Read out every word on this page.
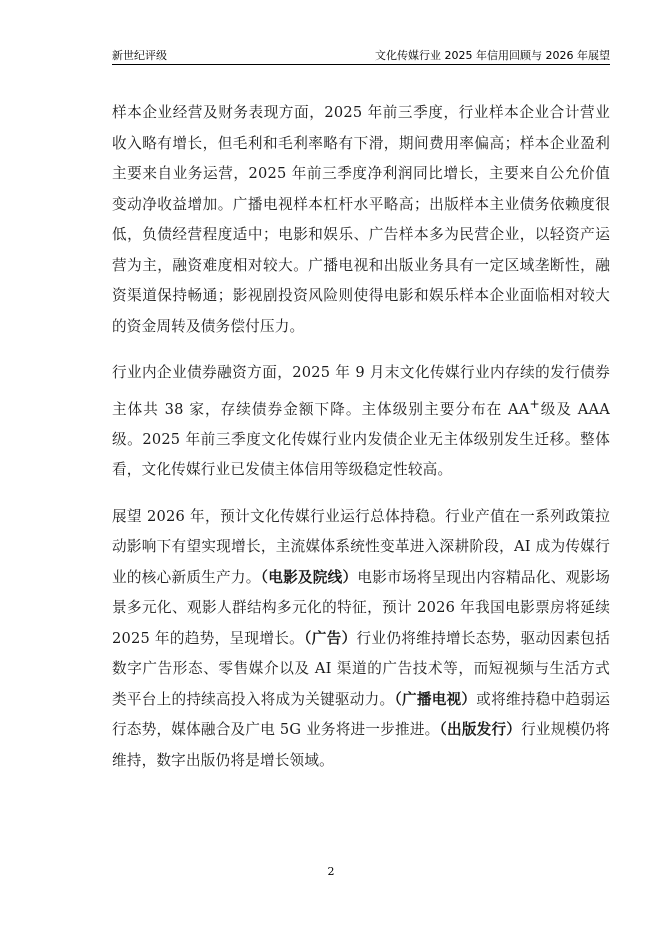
新世纪评级	文化传媒行业 2025 年信用回顾与 2026 年展望

样本企业经营及财务表现方面，2025 年前三季度，行业样本企业合计营业收入略有增长，但毛利和毛利率略有下滑，期间费用率偏高；样本企业盈利主要来自业务运营，2025 年前三季度净利润同比增长，主要来自公允价值变动净收益增加。广播电视样本杠杆水平略高；出版样本主业债务依赖度很低，负债经营程度适中；电影和娱乐、广告样本多为民营企业，以轻资产运营为主，融资难度相对较大。广播电视和出版业务具有一定区域垄断性，融资渠道保持畅通；影视剧投资风险则使得电影和娱乐样本企业面临相对较大的资金周转及债务偿付压力。

行业内企业债券融资方面，2025 年 9 月末文化传媒行业内存续的发行债券主体共 38 家，存续债券金额下降。主体级别主要分布在 AA+级及 AAA 级。2025 年前三季度文化传媒行业内发债企业无主体级别发生迁移。整体看，文化传媒行业已发债主体信用等级稳定性较高。

展望 2026 年，预计文化传媒行业运行总体持稳。行业产值在一系列政策拉动影响下有望实现增长，主流媒体系统性变革进入深耕阶段，AI 成为传媒行业的核心新质生产力。（电影及院线）电影市场将呈现出内容精品化、观影场景多元化、观影人群结构多元化的特征，预计 2026 年我国电影票房将延续 2025 年的趋势，呈现增长。（广告）行业仍将维持增长态势，驱动因素包括数字广告形态、零售媒介以及 AI 渠道的广告技术等，而短视频与生活方式类平台上的持续高投入将成为关键驱动力。（广播电视）或将维持稳中趋弱运行态势，媒体融合及广电 5G 业务将进一步推进。（出版发行）行业规模仍将维持，数字出版仍将是增长领域。

2
